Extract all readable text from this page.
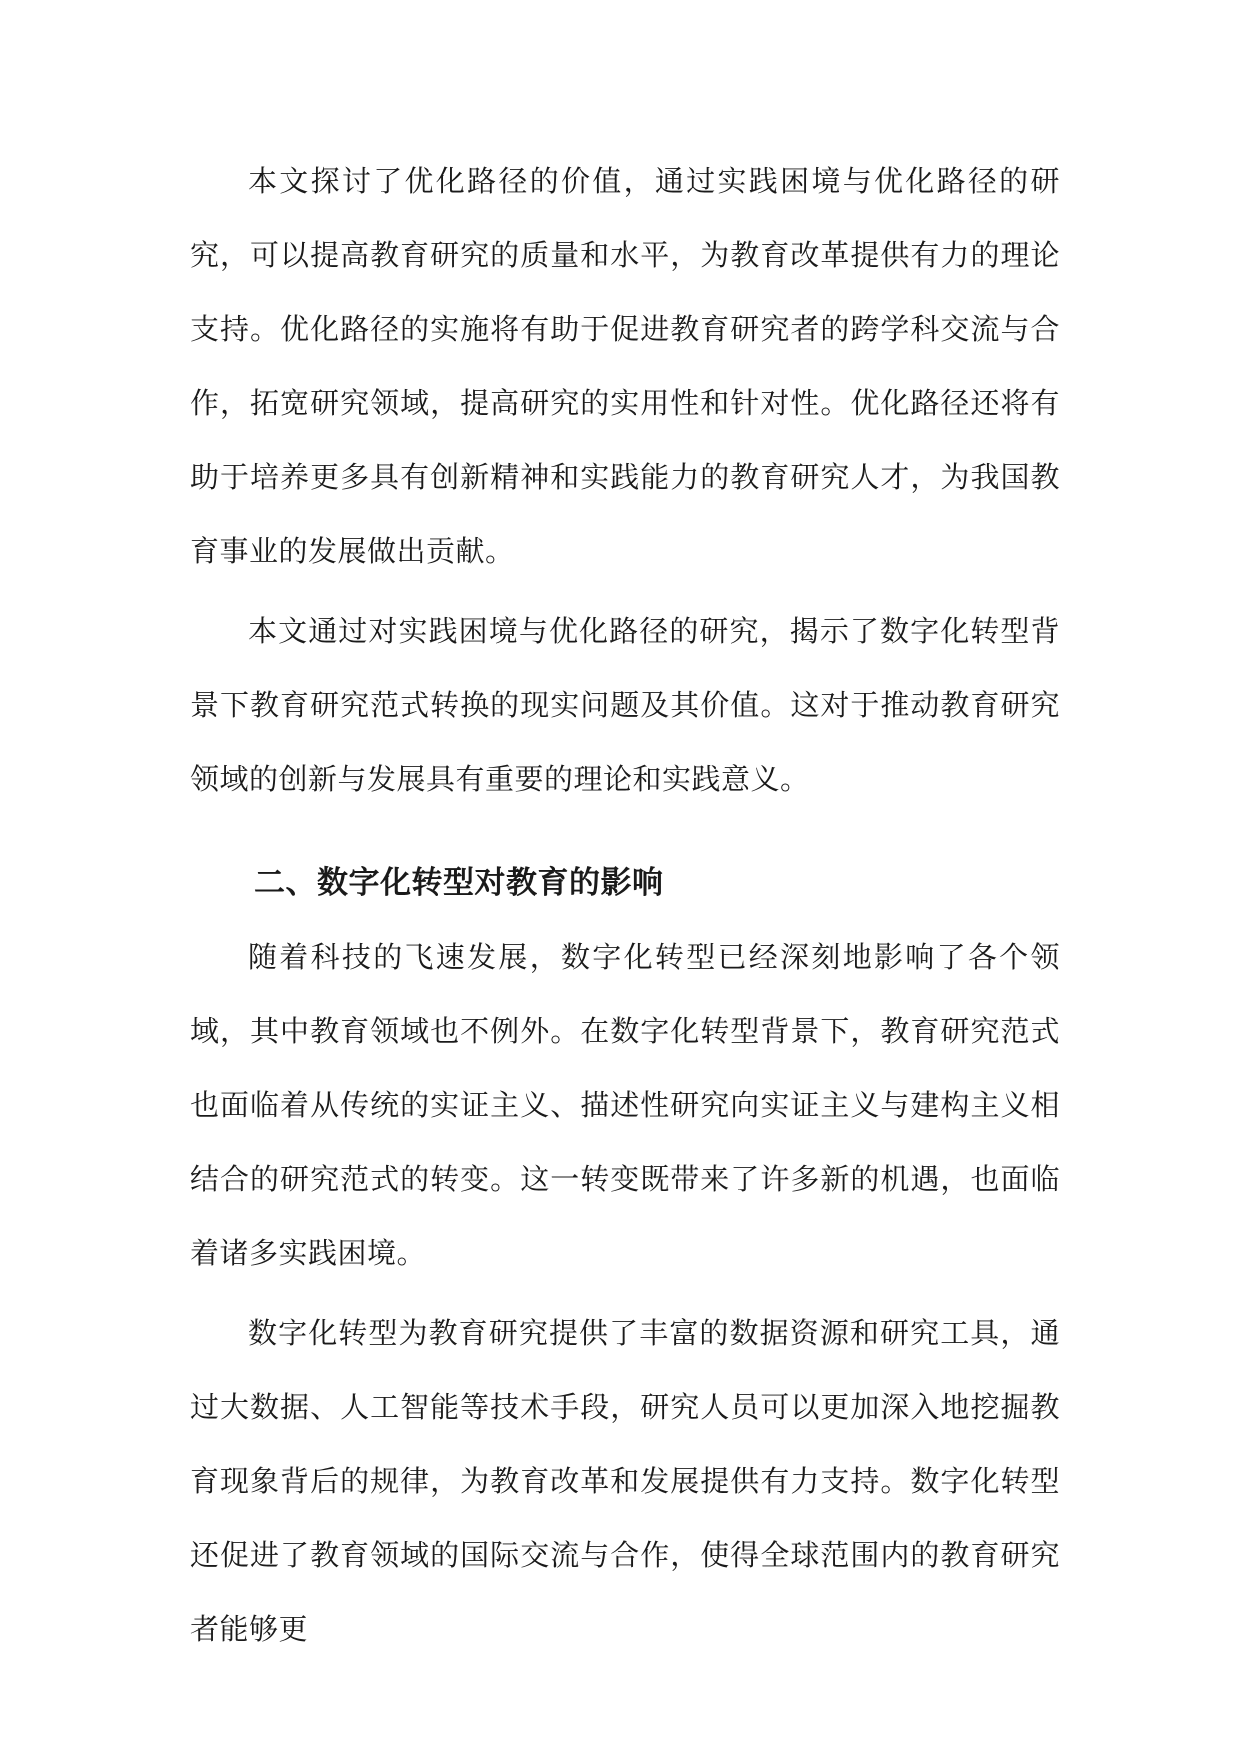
本文探讨了优化路径的价值，通过实践困境与优化路径的研究，可以提高教育研究的质量和水平，为教育改革提供有力的理论支持。优化路径的实施将有助于促进教育研究者的跨学科交流与合作，拓宽研究领域，提高研究的实用性和针对性。优化路径还将有助于培养更多具有创新精神和实践能力的教育研究人才，为我国教育事业的发展做出贡献。

本文通过对实践困境与优化路径的研究，揭示了数字化转型背景下教育研究范式转换的现实问题及其价值。这对于推动教育研究领域的创新与发展具有重要的理论和实践意义。

二、数字化转型对教育的影响

随着科技的飞速发展，数字化转型已经深刻地影响了各个领域，其中教育领域也不例外。在数字化转型背景下，教育研究范式也面临着从传统的实证主义、描述性研究向实证主义与建构主义相结合的研究范式的转变。这一转变既带来了许多新的机遇，也面临着诸多实践困境。

数字化转型为教育研究提供了丰富的数据资源和研究工具，通过大数据、人工智能等技术手段，研究人员可以更加深入地挖掘教育现象背后的规律，为教育改革和发展提供有力支持。数字化转型还促进了教育领域的国际交流与合作，使得全球范围内的教育研究者能够更
